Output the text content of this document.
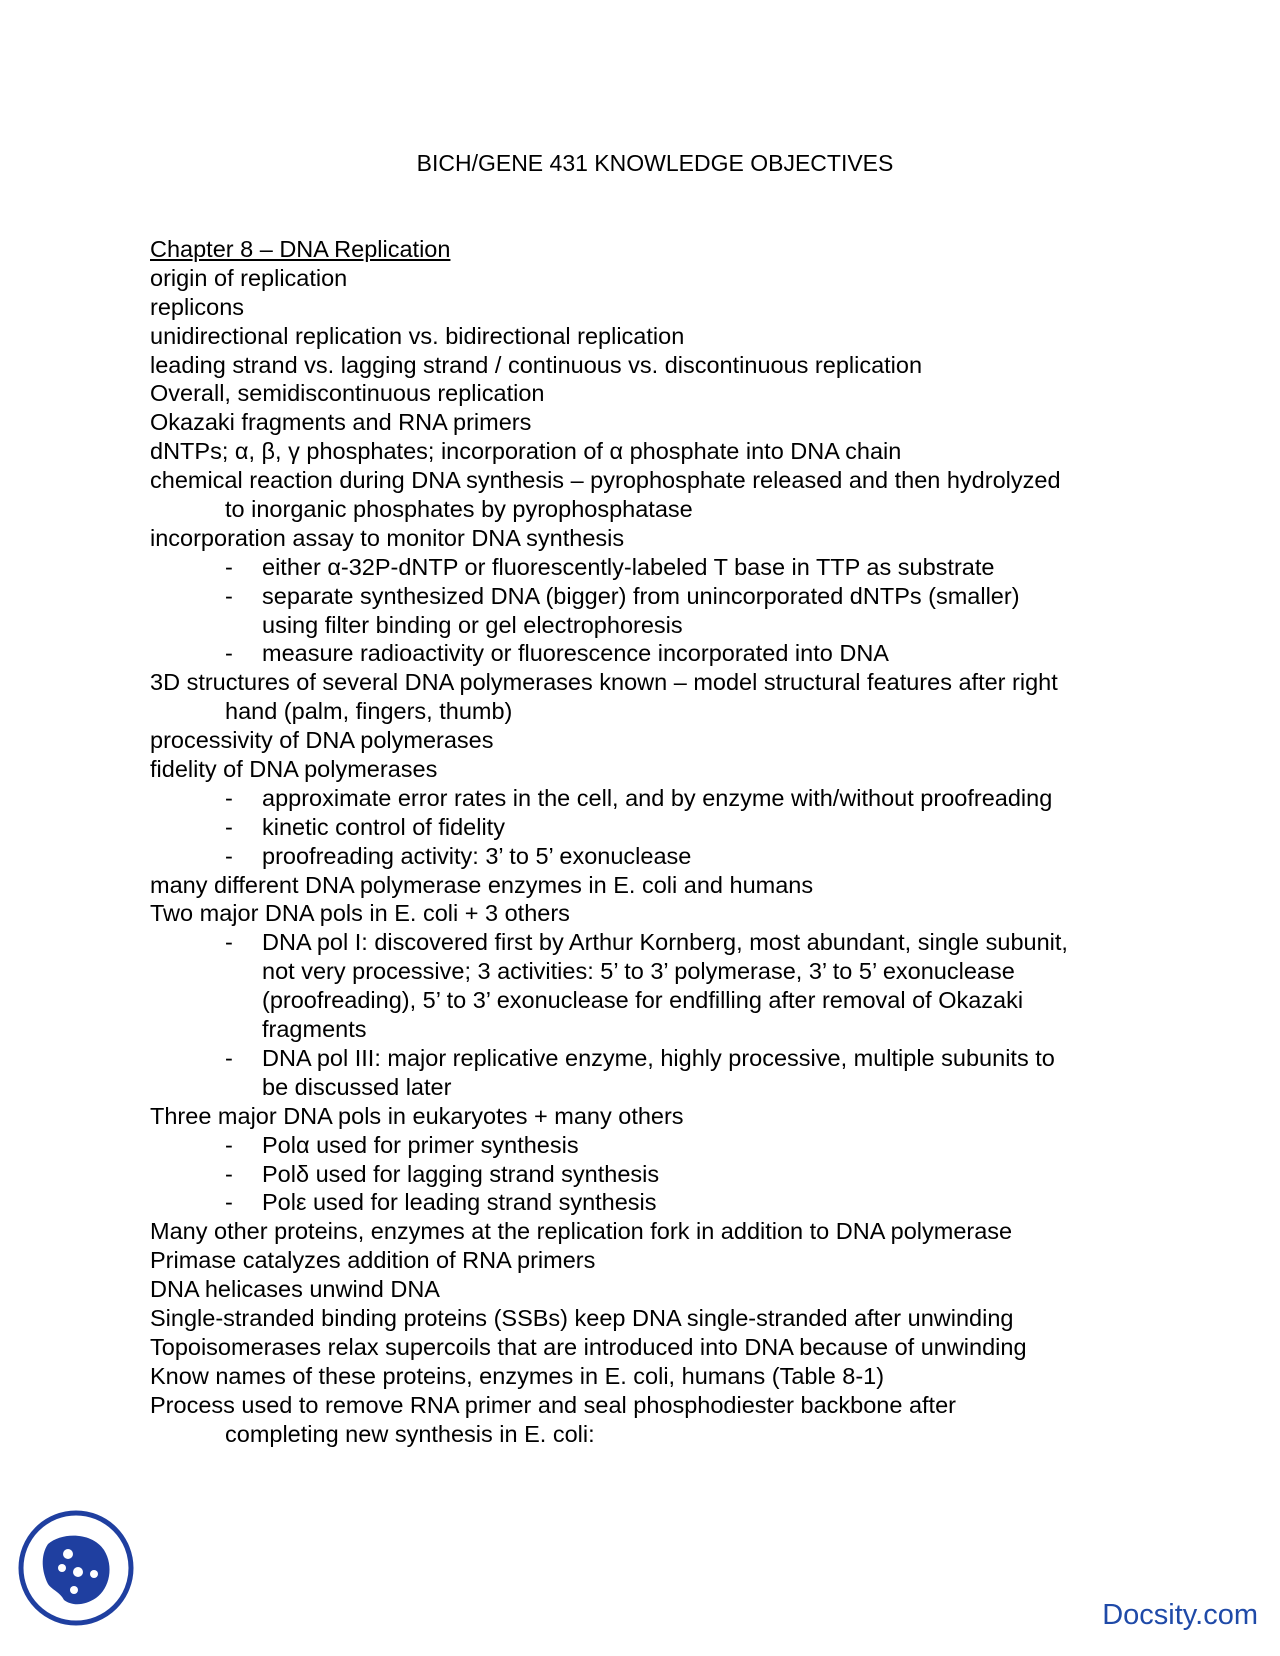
BICH/GENE 431 KNOWLEDGE OBJECTIVES
Chapter 8 – DNA Replication
origin of replication
replicons
unidirectional replication vs. bidirectional replication
leading strand vs. lagging strand / continuous vs. discontinuous replication
Overall, semidiscontinuous replication
Okazaki fragments and RNA primers
dNTPs; α, β, γ phosphates; incorporation of α phosphate into DNA chain
chemical reaction during DNA synthesis – pyrophosphate released and then hydrolyzed
to inorganic phosphates by pyrophosphatase
incorporation assay to monitor DNA synthesis
- either α-32P-dNTP or fluorescently-labeled T base in TTP as substrate
- separate synthesized DNA (bigger) from unincorporated dNTPs (smaller)
using filter binding or gel electrophoresis
- measure radioactivity or fluorescence incorporated into DNA
3D structures of several DNA polymerases known – model structural features after right
hand (palm, fingers, thumb)
processivity of DNA polymerases
fidelity of DNA polymerases
- approximate error rates in the cell, and by enzyme with/without proofreading
- kinetic control of fidelity
- proofreading activity: 3’ to 5’ exonuclease
many different DNA polymerase enzymes in E. coli and humans
Two major DNA pols in E. coli + 3 others
- DNA pol I: discovered first by Arthur Kornberg, most abundant, single subunit,
not very processive; 3 activities: 5’ to 3’ polymerase, 3’ to 5’ exonuclease
(proofreading), 5’ to 3’ exonuclease for endfilling after removal of Okazaki
fragments
- DNA pol III: major replicative enzyme, highly processive, multiple subunits to
be discussed later
Three major DNA pols in eukaryotes + many others
- Polα used for primer synthesis
- Polδ used for lagging strand synthesis
- Polε used for leading strand synthesis
Many other proteins, enzymes at the replication fork in addition to DNA polymerase
Primase catalyzes addition of RNA primers
DNA helicases unwind DNA
Single-stranded binding proteins (SSBs) keep DNA single-stranded after unwinding
Topoisomerases relax supercoils that are introduced into DNA because of unwinding
Know names of these proteins, enzymes in E. coli, humans (Table 8-1)
Process used to remove RNA primer and seal phosphodiester backbone after
completing new synthesis in E. coli:
Docsity.com
